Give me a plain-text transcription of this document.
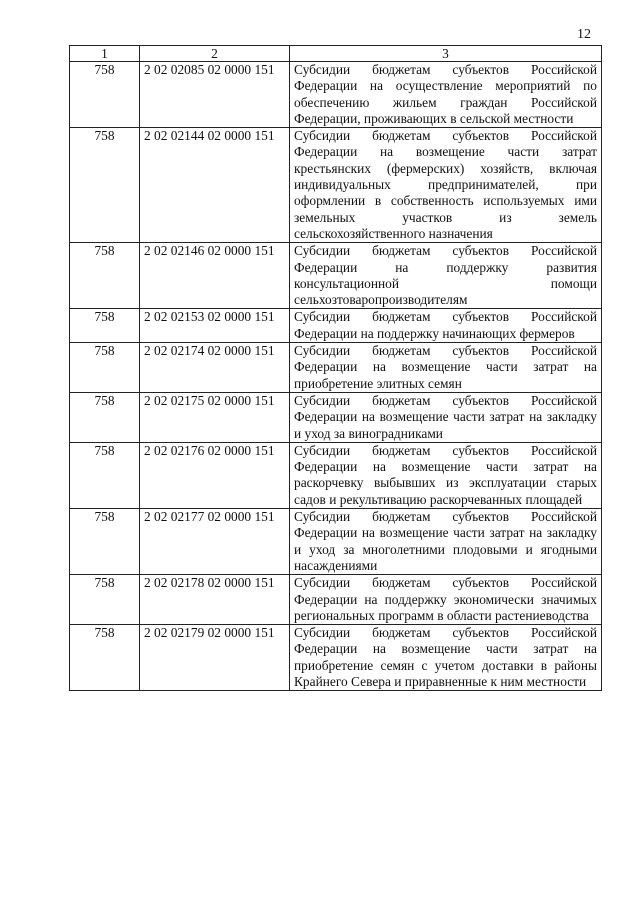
12
1	2	3
758	2 02 02085 02 0000 151	Субсидии бюджетам субъектов Российской Федерации на осуществление мероприятий по обеспечению жильем граждан Российской Федерации, проживающих в сельской местности
758	2 02 02144 02 0000 151	Субсидии бюджетам субъектов Российской Федерации на возмещение части затрат крестьянских (фермерских) хозяйств, включая индивидуальных предпринимателей, при оформлении в собственность используемых ими земельных участков из земель сельскохозяйственного назначения
758	2 02 02146 02 0000 151	Субсидии бюджетам субъектов Российской Федерации на поддержку развития консультационной помощи сельхозтоваропроизводителям
758	2 02 02153 02 0000 151	Субсидии бюджетам субъектов Российской Федерации на поддержку начинающих фермеров
758	2 02 02174 02 0000 151	Субсидии бюджетам субъектов Российской Федерации на возмещение части затрат на приобретение элитных семян
758	2 02 02175 02 0000 151	Субсидии бюджетам субъектов Российской Федерации на возмещение части затрат на закладку и уход за виноградниками
758	2 02 02176 02 0000 151	Субсидии бюджетам субъектов Российской Федерации на возмещение части затрат на раскорчевку выбывших из эксплуатации старых садов и рекультивацию раскорчеванных площадей
758	2 02 02177 02 0000 151	Субсидии бюджетам субъектов Российской Федерации на возмещение части затрат на закладку и уход за многолетними плодовыми и ягодными насаждениями
758	2 02 02178 02 0000 151	Субсидии бюджетам субъектов Российской Федерации на поддержку экономически значимых региональных программ в области растениеводства
758	2 02 02179 02 0000 151	Субсидии бюджетам субъектов Российской Федерации на возмещение части затрат на приобретение семян с учетом доставки в районы Крайнего Севера и приравненные к ним местности
